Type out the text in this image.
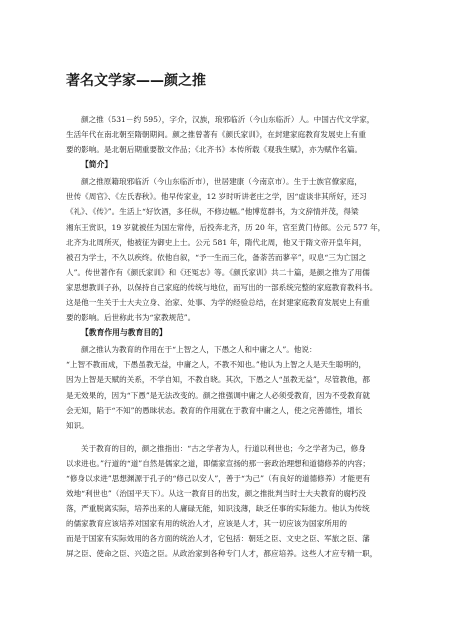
著名文学家——颜之推
颜之推（531－约 595），字介，汉族，琅邪临沂（今山东临沂）人。中国古代文学家，
生活年代在南北朝至隋朝期间。颜之推曾著有《颜氏家训》，在封建家庭教育发展史上有重
要的影响。是北朝后期重要散文作品；《北齐书》本传所载《观我生赋》，亦为赋作名篇。
【简介】
颜之推原籍琅邪临沂（今山东临沂市），世居建康（今南京市）。生于士族官僚家庭，
世传《周官》、《左氏春秋》。他早传家业，12 岁时听讲老庄之学，因“虚谈非其所好，还习
《礼》、《传》”。生活上“好饮酒，多任纵，不修边幅。”他博览群书，为文辞情并茂，得梁
湘东王赏识，19 岁就被任为国左常侍，后投奔北齐，历 20 年，官至黄门侍郎。公元 577 年，
北齐为北周所灭，他被征为御史上士。公元 581 年，隋代北周，他又于隋文帝开皇年间，
被召为学士，不久以疾终。依他自叙，“予一生而三化，备荼苦而蓼辛”，叹息“三为亡国之
人”。传世著作有《颜氏家训》和《还冤志》等。《颜氏家训》共二十篇，是颜之推为了用儒
家思想教训子孙，以保持自己家庭的传统与地位，而写出的一部系统完整的家庭教育教科书。
这是他一生关于士大夫立身、治家、处事、为学的经验总结，在封建家庭教育发展史上有重
要的影响。后世称此书为“家教规范”。
【教育作用与教育目的】
颜之推认为教育的作用在于“上智之人，下愚之人和中庸之人”。他说：
“上智不教而成，下愚虽教无益，中庸之人，不教不知也。”他认为上智之人是天生聪明的，
因为上智是天赋的关系，不学自知，不教自晓。其次，下愚之人“虽教无益”，尽管教他，都
是无效果的，因为“下愚”是无法改变的。颜之推强调中庸之人必须受教育，因为不受教育就
会无知，陷于“不知”的愚昧状态。教育的作用就在于教育中庸之人，使之完善德性，增长
知识。
关于教育的目的，颜之推指出：“古之学者为人，行道以利世也；今之学者为己，修身
以求进也。”行道的“道”自然是儒家之道，即儒家宣扬的那一套政治理想和道德修养的内容；
“修身以求进”思想渊源于孔子的“修己以安人”，善于“为己”（有良好的道德修养）才能更有
效地“利世也”（治国平天下）。从这一教育目的出发，颜之推批判当时士大夫教育的腐朽没
落，严重脱离实际，培养出来的人庸碌无能，知识浅薄，缺乏任事的实际能力。他认为传统
的儒家教育应该培养对国家有用的统治人才，应该是人才，其一切应该为国家所用的
而是于国家有实际效用的各方面的统治人才，它包括：朝廷之臣、文史之臣、军旅之臣、藩
屏之臣、使命之臣、兴造之臣。从政治家到各种专门人才，都应培养。这些人才应专精一职，
